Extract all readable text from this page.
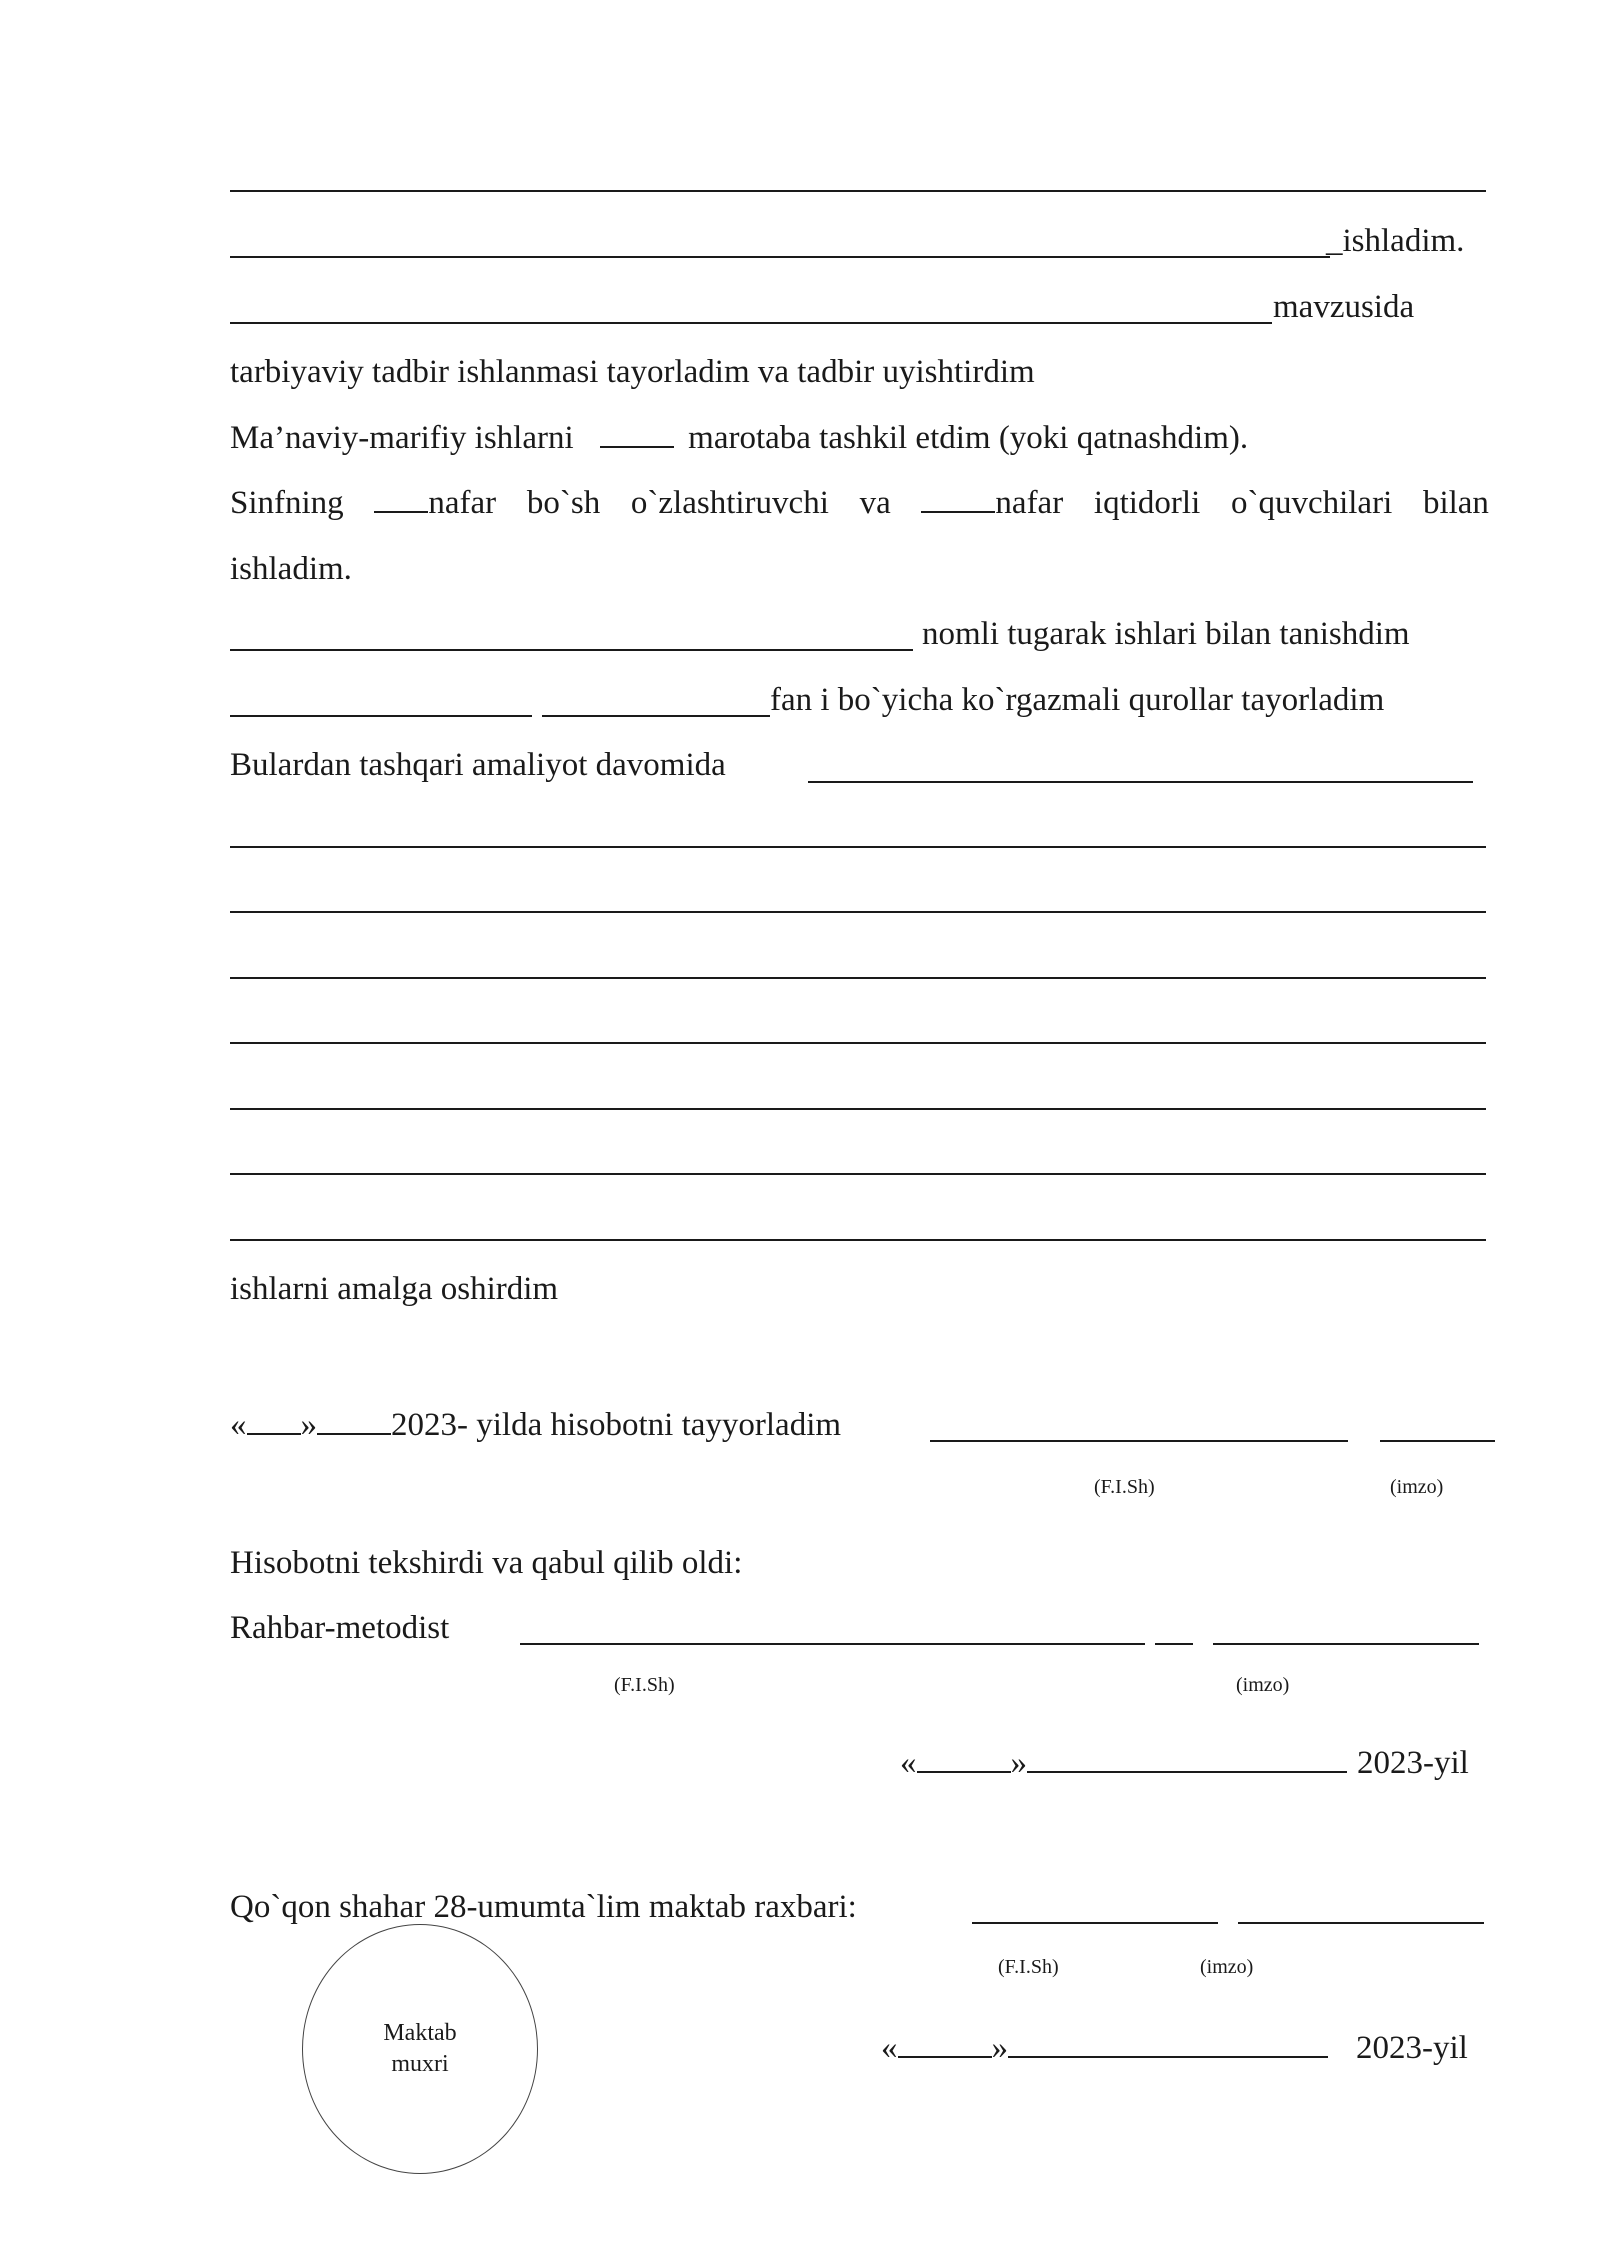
_ishladim.
mavzusida
tarbiyaviy tadbir ishlanmasi tayorladim va tadbir uyishtirdim
Ma’naviy-marifiy ishlarni	marotaba tashkil etdim (yoki qatnashdim).
Sinfning	nafar bo`sh o`zlashtiruvchi va	nafar iqtidorli o`quvchilari bilan
ishladim.
nomli tugarak ishlari bilan tanishdim
fan i bo`yicha ko`rgazmali qurollar tayorladim
Bulardan tashqari amaliyot davomida
ishlarni amalga oshirdim
« » 2023- yilda hisobotni tayyorladim
(F.I.Sh)	(imzo)
Hisobotni tekshirdi va qabul qilib oldi:
Rahbar-metodist
(F.I.Sh)	(imzo)
«	»	2023-yil
Qo`qon shahar 28-umumta`lim maktab raxbari:
(F.I.Sh)	(imzo)
Maktab
muxri	«	»	2023-yil
